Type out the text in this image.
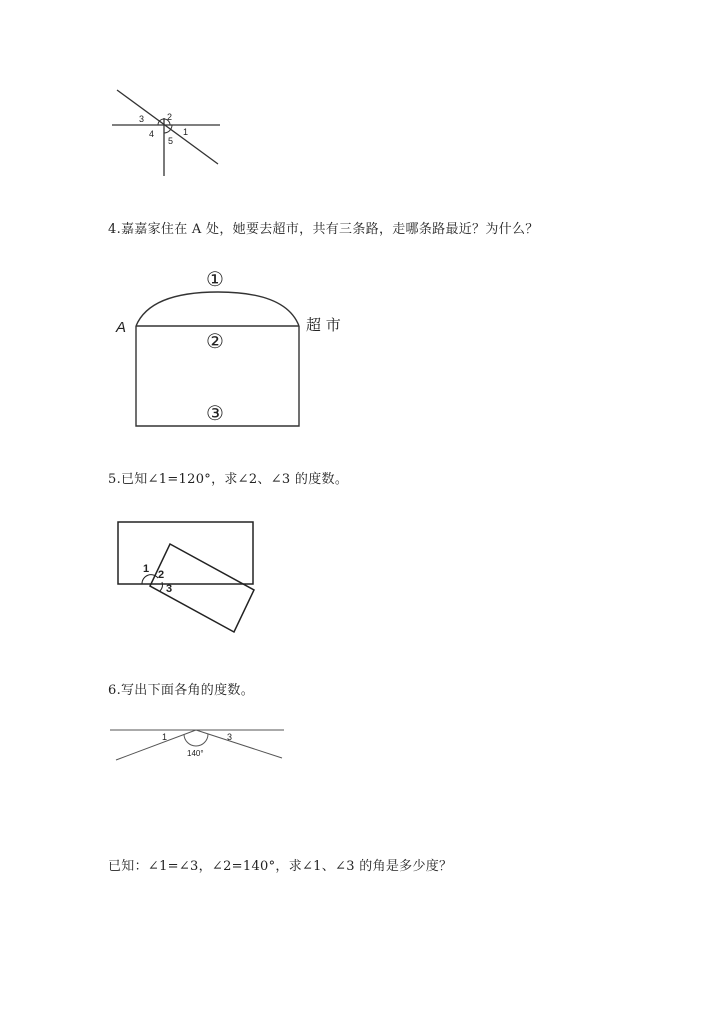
1
2
3
4
5
4.嘉嘉家住在 A 处，她要去超市，共有三条路，走哪条路最近？为什么？
A	超 市
①
②
③
5.已知∠1=120°，求∠2、∠3 的度数。
1 2
3
6.写出下面各角的度数。
1	3
140°
已知：∠1=∠3，∠2=140°，求∠1、∠3 的角是多少度？
